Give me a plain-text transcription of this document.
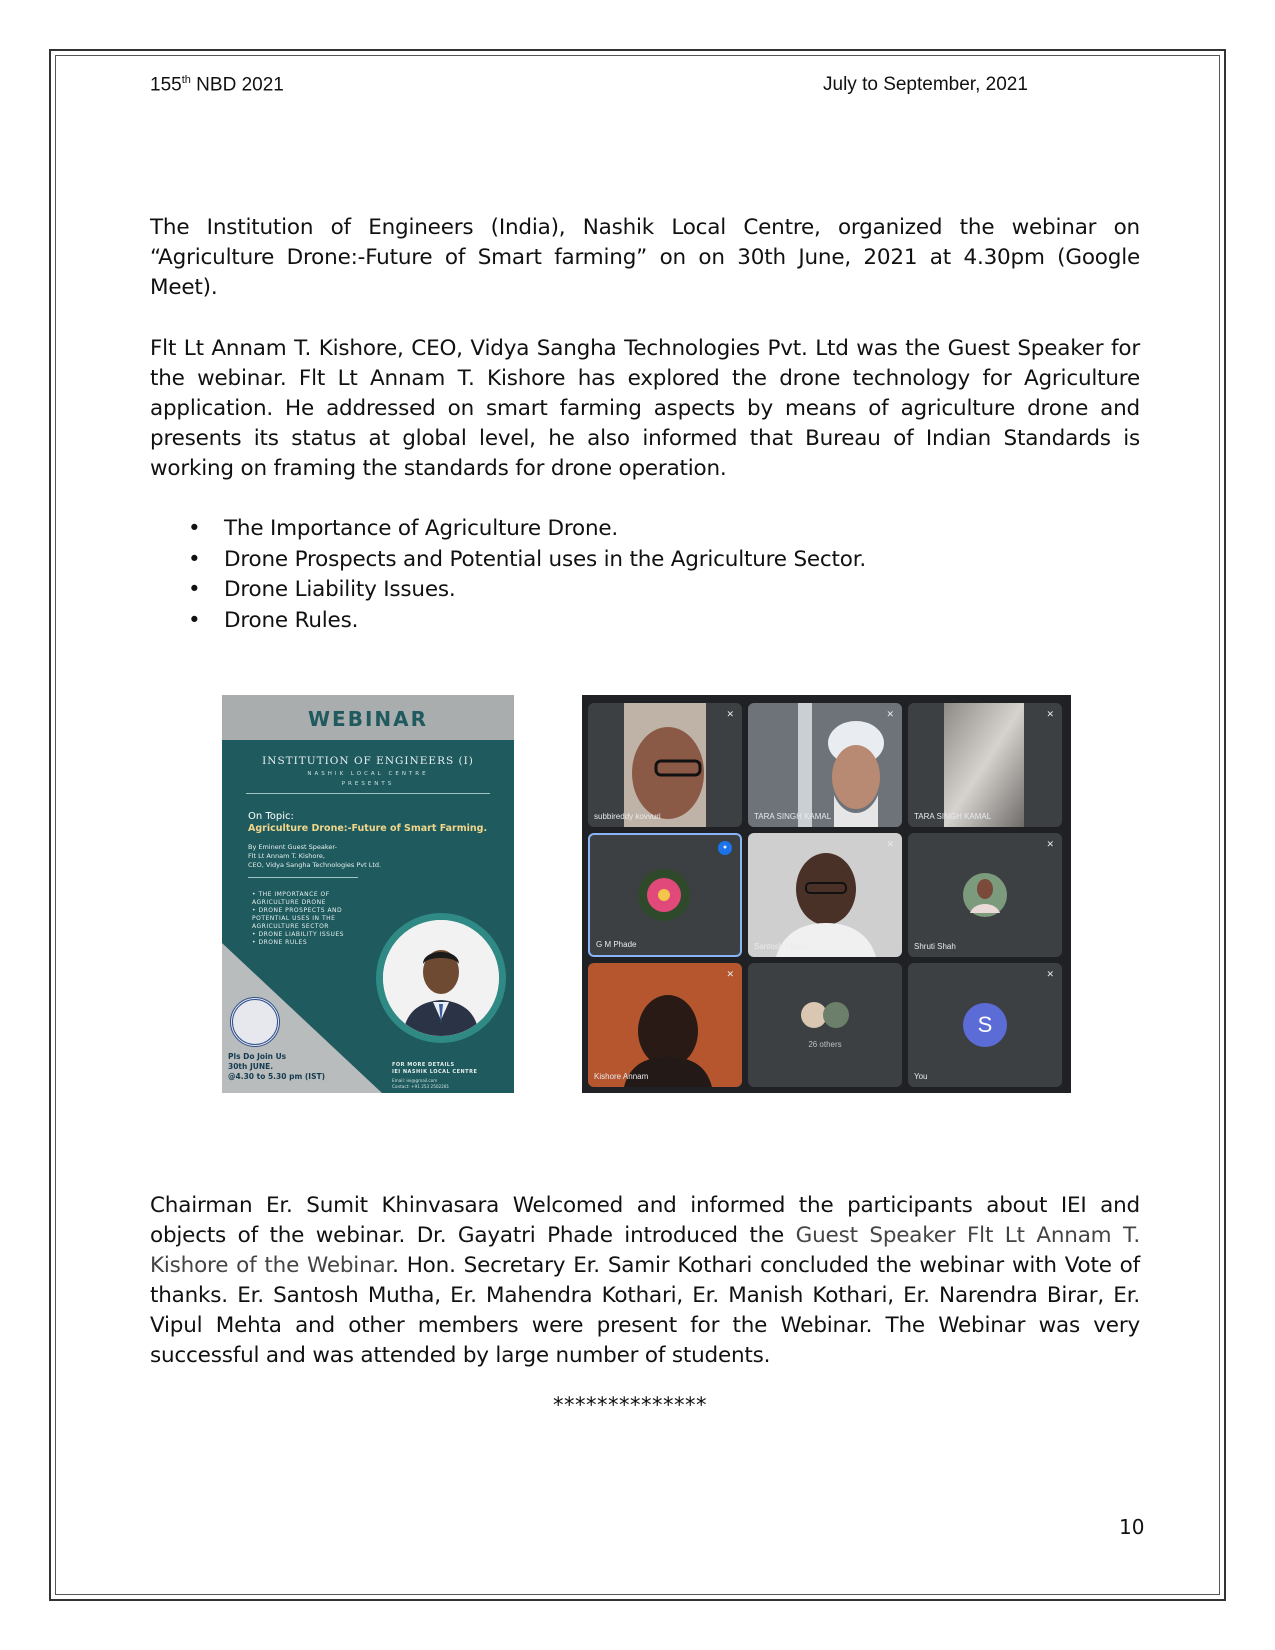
155th NBD 2021	July to September, 2021

The Institution of Engineers (India), Nashik Local Centre, organized the webinar on “Agriculture Drone:-Future of Smart farming” on on 30th June, 2021 at 4.30pm (Google Meet).

Flt Lt Annam T. Kishore, CEO, Vidya Sangha Technologies Pvt. Ltd was the Guest Speaker for the webinar. Flt Lt Annam T. Kishore has explored the drone technology for Agriculture application. He addressed on smart farming aspects by means of agriculture drone and presents its status at global level, he also informed that Bureau of Indian Standards is working on framing the standards for drone operation.

• The Importance of Agriculture Drone.
• Drone Prospects and Potential uses in the Agriculture Sector.
• Drone Liability Issues.
• Drone Rules.
WEBINAR
INSTITUTION OF ENGINEERS (I)
NASHIK LOCAL CENTRE
PRESENTS
On Topic:
Agriculture Drone:-Future of Smart Farming.
By Eminent Guest Speaker-
Flt Lt Annam T. Kishore,
CEO, Vidya Sangha Technologies Pvt Ltd.
• THE IMPORTANCE OF
AGRICULTURE DRONE
• DRONE PROSPECTS AND
POTENTIAL USES IN THE
AGRICULTURE SECTOR
• DRONE LIABILITY ISSUES
• DRONE RULES
Pls Do Join Us
30th JUNE.
@4.30 to 5.30 pm (IST)
FOR MORE DETAILS
IEI NASHIK LOCAL CENTRE
Email: iei@gmail.com
Contact: +91 253 2502281
✕
subbireddy kovvuri
✕
TARA SINGH KAMAL
✕
TARA SINGH KAMAL
●
G M Phade
✕
Santosh Mutha
✕
Shruti Shah
✕
Kishore Annam
26 others
S
✕
You

Chairman Er. Sumit Khinvasara Welcomed and informed the participants about IEI and objects of the webinar. Dr. Gayatri Phade introduced the Guest Speaker Flt Lt Annam T. Kishore of the Webinar. Hon. Secretary Er. Samir Kothari concluded the webinar with Vote of thanks. Er. Santosh Mutha, Er. Mahendra Kothari, Er. Manish Kothari, Er. Narendra Birar, Er. Vipul Mehta and other members were present for the Webinar. The Webinar was very successful and was attended by large number of students.

**************
10
